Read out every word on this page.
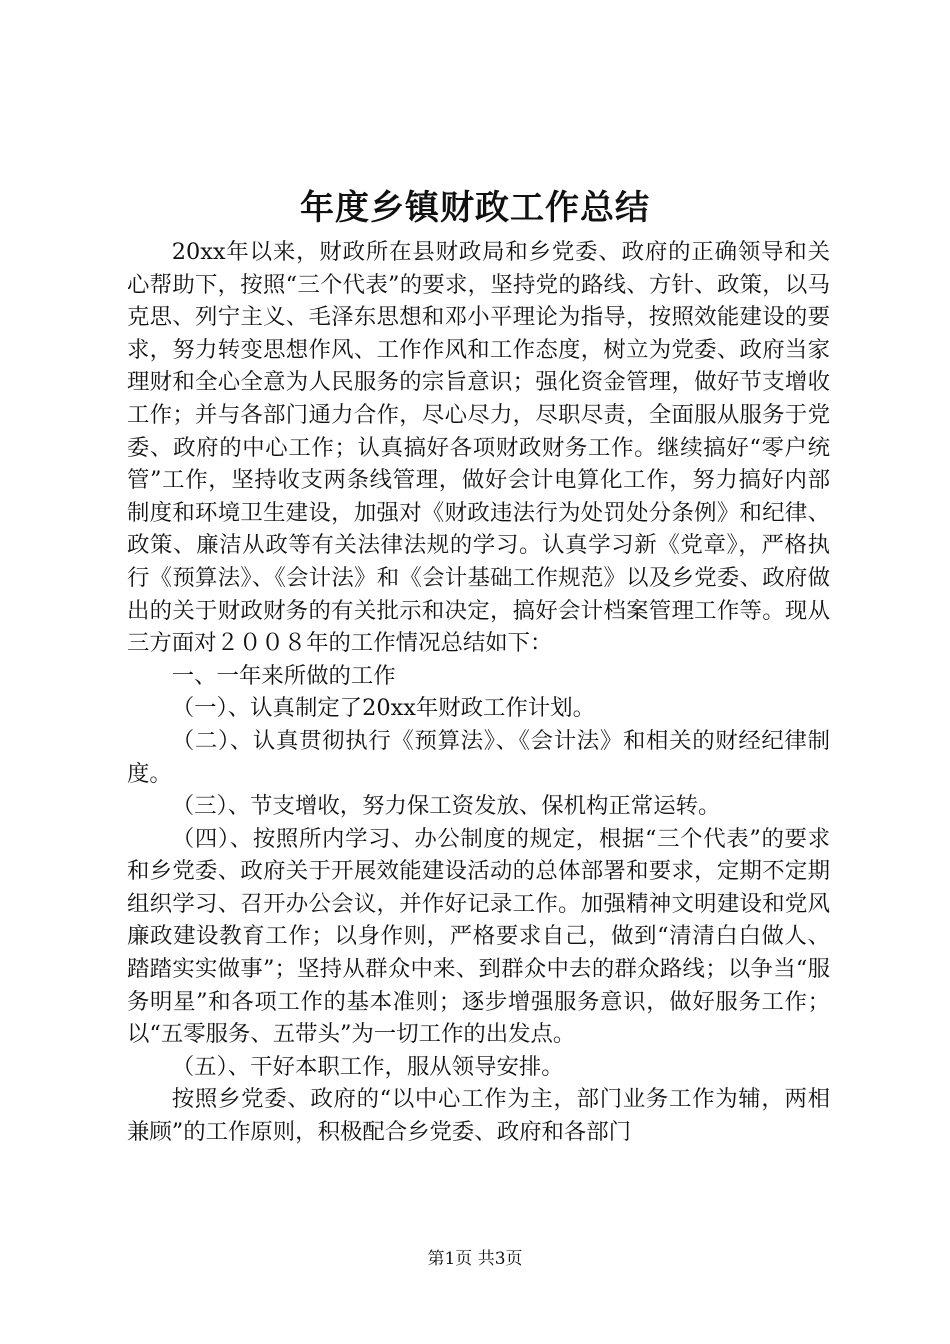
年度乡镇财政工作总结

20xx年以来，财政所在县财政局和乡党委、政府的正确领导和关心帮助下，按照“三个代表”的要求，坚持党的路线、方针、政策，以马克思、列宁主义、毛泽东思想和邓小平理论为指导，按照效能建设的要求，努力转变思想作风、工作作风和工作态度，树立为党委、政府当家理财和全心全意为人民服务的宗旨意识；强化资金管理，做好节支增收工作；并与各部门通力合作，尽心尽力，尽职尽责，全面服从服务于党委、政府的中心工作；认真搞好各项财政财务工作。继续搞好“零户统管”工作，坚持收支两条线管理，做好会计电算化工作，努力搞好内部制度和环境卫生建设，加强对《财政违法行为处罚处分条例》和纪律、政策、廉洁从政等有关法律法规的学习。认真学习新《党章》，严格执行《预算法》、《会计法》和《会计基础工作规范》以及乡党委、政府做出的关于财政财务的有关批示和决定，搞好会计档案管理工作等。现从三方面对２００８年的工作情况总结如下：

一、一年来所做的工作

（一）、认真制定了20xx年财政工作计划。

（二）、认真贯彻执行《预算法》、《会计法》和相关的财经纪律制度。

（三）、节支增收，努力保工资发放、保机构正常运转。

（四）、按照所内学习、办公制度的规定，根据“三个代表”的要求和乡党委、政府关于开展效能建设活动的总体部署和要求，定期不定期组织学习、召开办公会议，并作好记录工作。加强精神文明建设和党风廉政建设教育工作；以身作则，严格要求自己，做到“清清白白做人、踏踏实实做事”；坚持从群众中来、到群众中去的群众路线；以争当“服务明星”和各项工作的基本准则；逐步增强服务意识，做好服务工作；以“五零服务、五带头”为一切工作的出发点。

（五）、干好本职工作，服从领导安排。

按照乡党委、政府的“以中心工作为主，部门业务工作为辅，两相兼顾”的工作原则，积极配合乡党委、政府和各部门

第1页 共3页
